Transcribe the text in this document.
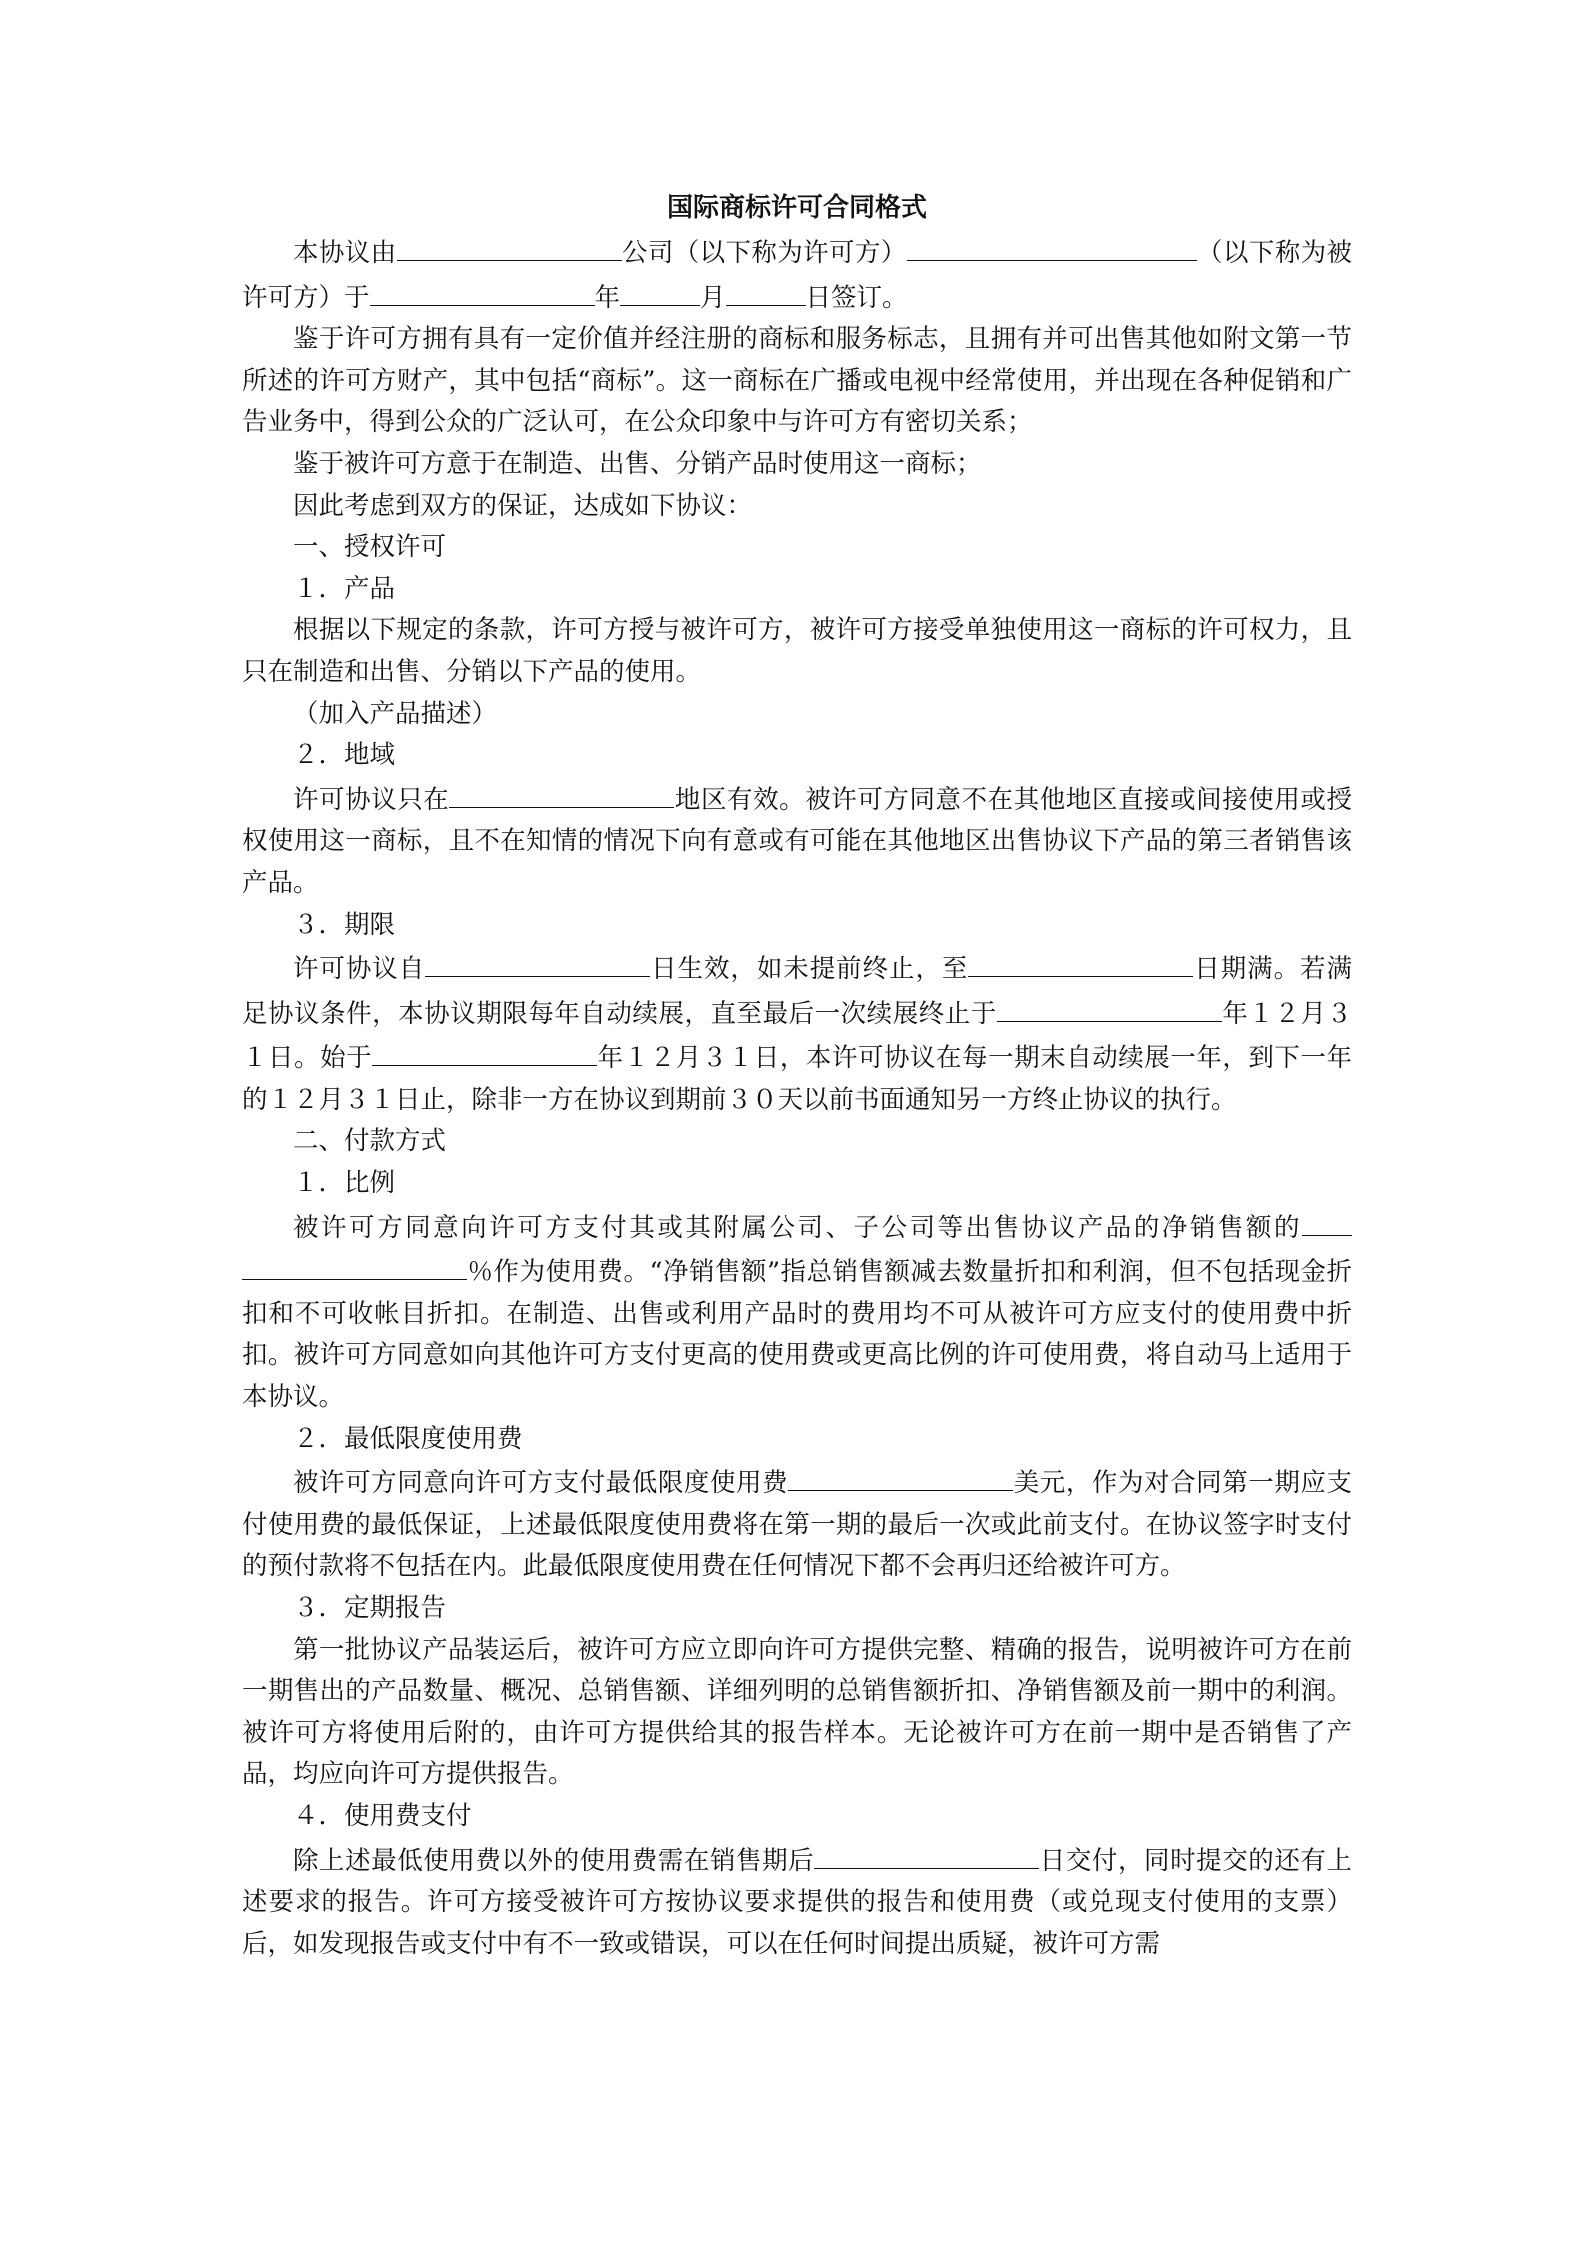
国际商标许可合同格式

本协议由	公司（以下称为许可方）	（以下称为被许可方）于	年	月	日签订。

鉴于许可方拥有具有一定价值并经注册的商标和服务标志，且拥有并可出售其他如附文第一节所述的许可方财产，其中包括“商标”。这一商标在广播或电视中经常使用，并出现在各种促销和广告业务中，得到公众的广泛认可，在公众印象中与许可方有密切关系；

鉴于被许可方意于在制造、出售、分销产品时使用这一商标；

因此考虑到双方的保证，达成如下协议：

一、授权许可

１．产品

根据以下规定的条款，许可方授与被许可方，被许可方接受单独使用这一商标的许可权力，且只在制造和出售、分销以下产品的使用。

（加入产品描述）

２．地域

许可协议只在	地区有效。被许可方同意不在其他地区直接或间接使用或授权使用这一商标，且不在知情的情况下向有意或有可能在其他地区出售协议下产品的第三者销售该产品。

３．期限

许可协议自	日生效，如未提前终止，至	日期满。若满足协议条件，本协议期限每年自动续展，直至最后一次续展终止于	年１２月３１日。始于	年１２月３１日，本许可协议在每一期末自动续展一年，到下一年的１２月３１日止，除非一方在协议到期前３０天以前书面通知另一方终止协议的执行。

二、付款方式

１．比例

被许可方同意向许可方支付其或其附属公司、子公司等出售协议产品的净销售额的％作为使用费。“净销售额”指总销售额减去数量折扣和利润，但不包括现金折扣和不可收帐目折扣。在制造、出售或利用产品时的费用均不可从被许可方应支付的使用费中折扣。被许可方同意如向其他许可方支付更高的使用费或更高比例的许可使用费，将自动马上适用于本协议。

２．最低限度使用费

被许可方同意向许可方支付最低限度使用费	美元，作为对合同第一期应支付使用费的最低保证，上述最低限度使用费将在第一期的最后一次或此前支付。在协议签字时支付的预付款将不包括在内。此最低限度使用费在任何情况下都不会再归还给被许可方。

３．定期报告

第一批协议产品装运后，被许可方应立即向许可方提供完整、精确的报告，说明被许可方在前一期售出的产品数量、概况、总销售额、详细列明的总销售额折扣、净销售额及前一期中的利润。被许可方将使用后附的，由许可方提供给其的报告样本。无论被许可方在前一期中是否销售了产品，均应向许可方提供报告。

４．使用费支付

除上述最低使用费以外的使用费需在销售期后	日交付，同时提交的还有上述要求的报告。许可方接受被许可方按协议要求提供的报告和使用费（或兑现支付使用的支票）后，如发现报告或支付中有不一致或错误，可以在任何时间提出质疑，被许可方需
